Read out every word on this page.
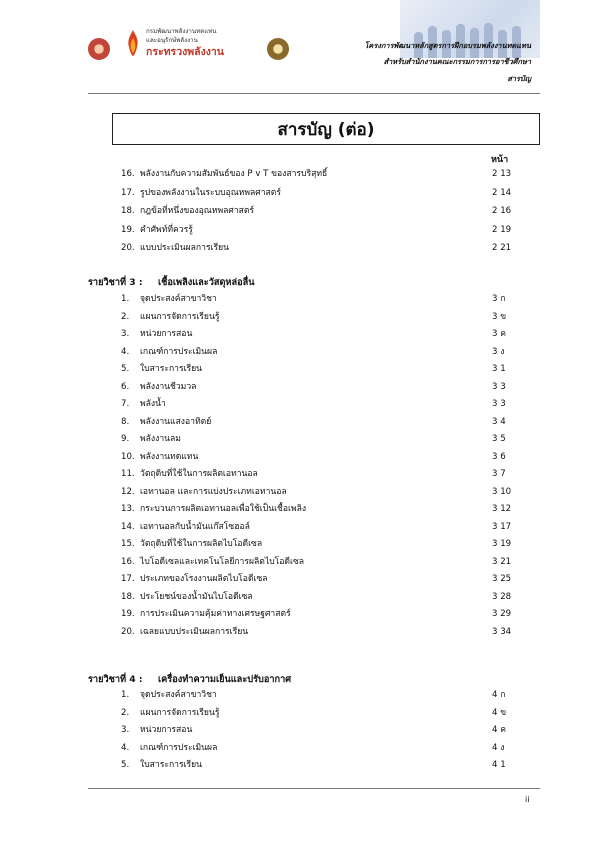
กรมพัฒนาพลังงานทดแทน
และอนุรักษ์พลังงาน
กระทรวงพลังงาน
โครงการพัฒนาหลักสูตรการฝึกอบรมพลังงานทดแทน
สำหรับสำนักงานคณะกรรมการการอาชีวศึกษา
สารบัญ
สารบัญ (ต่อ)
หน้า
16. พลังงานกับความสัมพันธ์ของ P v T ของสารบริสุทธิ์	2 13
17. รูปของพลังงานในระบบอุณหพลศาสตร์	2 14
18. กฎข้อที่หนึ่งของอุณหพลศาสตร์	2 16
19. คำศัพท์ที่ควรรู้	2 19
20. แบบประเมินผลการเรียน	2 21
รายวิชาที่ 3 : เชื้อเพลิงและวัสดุหล่อลื่น
1. จุดประสงค์สาขาวิชา	3 ก
2. แผนการจัดการเรียนรู้	3 ข
3. หน่วยการสอน	3 ค
4. เกณฑ์การประเมินผล	3 ง
5. ใบสาระการเรียน	3 1
6. พลังงานชีวมวล	3 3
7. พลังน้ำ	3 3
8. พลังงานแสงอาทิตย์	3 4
9. พลังงานลม	3 5
10. พลังงานทดแทน	3 6
11. วัตถุดิบที่ใช้ในการผลิตเอทานอล	3 7
12. เอทานอล และการแบ่งประเภทเอทานอล	3 10
13. กระบวนการผลิตเอทานอลเพื่อใช้เป็นเชื้อเพลิง	3 12
14. เอทานอลกับน้ำมันแก๊สโซฮอล์	3 17
15. วัตถุดิบที่ใช้ในการผลิตไบโอดีเซล	3 19
16. ไบโอดีเซลและเทคโนโลยีการผลิตไบโอดีเซล	3 21
17. ประเภทของโรงงานผลิตไบโอดีเซล	3 25
18. ประโยชน์ของน้ำมันไบโอดีเซล	3 28
19. การประเมินความคุ้มค่าทางเศรษฐศาสตร์	3 29
20. เฉลยแบบประเมินผลการเรียน	3 34
รายวิชาที่ 4 : เครื่องทำความเย็นและปรับอากาศ
1. จุดประสงค์สาขาวิชา	4 ก
2. แผนการจัดการเรียนรู้	4 ข
3. หน่วยการสอน	4 ค
4. เกณฑ์การประเมินผล	4 ง
5. ใบสาระการเรียน	4 1
ii
